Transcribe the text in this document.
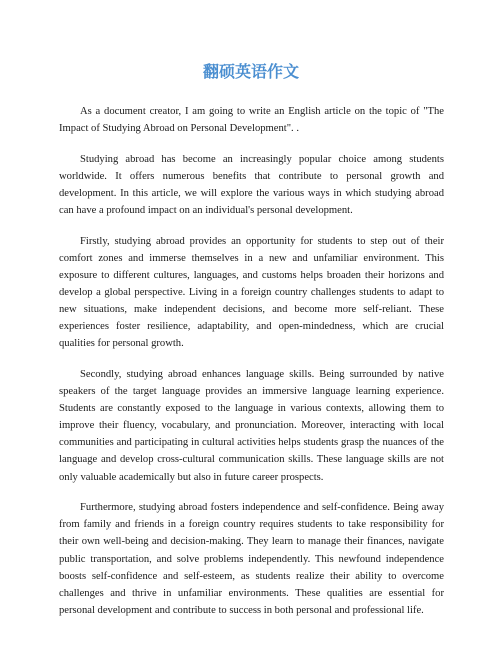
翻硕英语作文

As a document creator, I am going to write an English article on the topic of "The Impact of Studying Abroad on Personal Development". .

Studying abroad has become an increasingly popular choice among students worldwide. It offers numerous benefits that contribute to personal growth and development. In this article, we will explore the various ways in which studying abroad can have a profound impact on an individual's personal development.

Firstly, studying abroad provides an opportunity for students to step out of their comfort zones and immerse themselves in a new and unfamiliar environment. This exposure to different cultures, languages, and customs helps broaden their horizons and develop a global perspective. Living in a foreign country challenges students to adapt to new situations, make independent decisions, and become more self-reliant. These experiences foster resilience, adaptability, and open-mindedness, which are crucial qualities for personal growth.

Secondly, studying abroad enhances language skills. Being surrounded by native speakers of the target language provides an immersive language learning experience. Students are constantly exposed to the language in various contexts, allowing them to improve their fluency, vocabulary, and pronunciation. Moreover, interacting with local communities and participating in cultural activities helps students grasp the nuances of the language and develop cross-cultural communication skills. These language skills are not only valuable academically but also in future career prospects.

Furthermore, studying abroad fosters independence and self-confidence. Being away from family and friends in a foreign country requires students to take responsibility for their own well-being and decision-making. They learn to manage their finances, navigate public transportation, and solve problems independently. This newfound independence boosts self-confidence and self-esteem, as students realize their ability to overcome challenges and thrive in unfamiliar environments. These qualities are essential for personal development and contribute to success in both personal and professional life.
